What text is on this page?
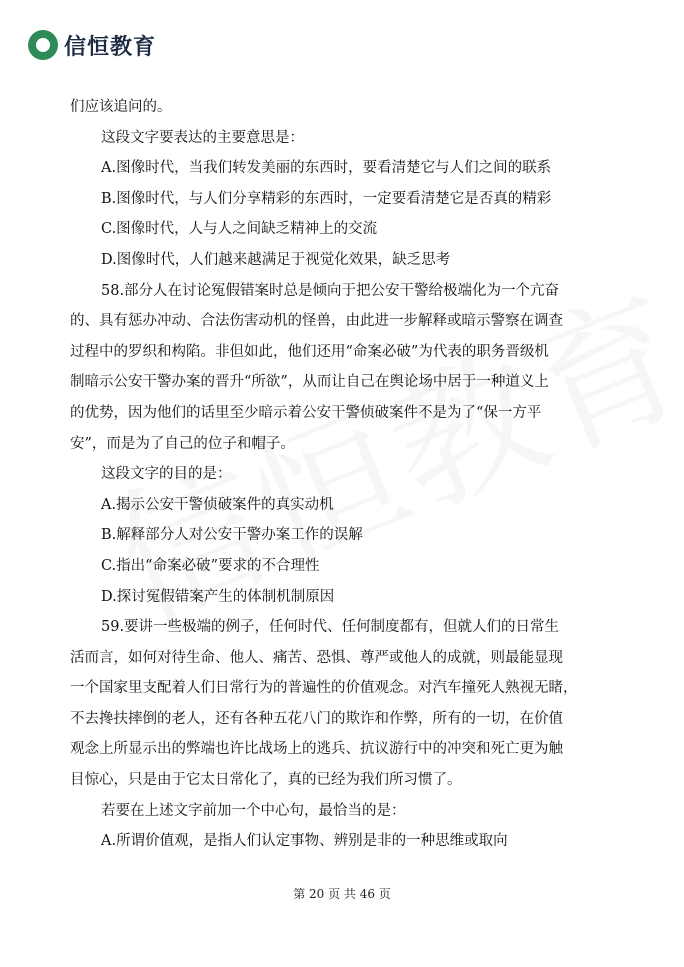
信恒教育
们应该追问的。
这段文字要表达的主要意思是：
A.图像时代，当我们转发美丽的东西时，要看清楚它与人们之间的联系
B.图像时代，与人们分享精彩的东西时，一定要看清楚它是否真的精彩
C.图像时代，人与人之间缺乏精神上的交流
D.图像时代，人们越来越满足于视觉化效果，缺乏思考
58.部分人在讨论冤假错案时总是倾向于把公安干警给极端化为一个亢奋
的、具有惩办冲动、合法伤害动机的怪兽，由此进一步解释或暗示警察在调查
过程中的罗织和构陷。非但如此，他们还用“命案必破”为代表的职务晋级机
制暗示公安干警办案的晋升“所欲”，从而让自己在舆论场中居于一种道义上
的优势，因为他们的话里至少暗示着公安干警侦破案件不是为了“保一方平
安”，而是为了自己的位子和帽子。
这段文字的目的是：
A.揭示公安干警侦破案件的真实动机
B.解释部分人对公安干警办案工作的误解
C.指出“命案必破”要求的不合理性
D.探讨冤假错案产生的体制机制原因
59.要讲一些极端的例子，任何时代、任何制度都有，但就人们的日常生
活而言，如何对待生命、他人、痛苦、恐惧、尊严或他人的成就，则最能显现
一个国家里支配着人们日常行为的普遍性的价值观念。对汽车撞死人熟视无睹，
不去搀扶摔倒的老人，还有各种五花八门的欺诈和作弊，所有的一切，在价值
观念上所显示出的弊端也许比战场上的逃兵、抗议游行中的冲突和死亡更为触
目惊心，只是由于它太日常化了，真的已经为我们所习惯了。
若要在上述文字前加一个中心句，最恰当的是：
A.所谓价值观，是指人们认定事物、辨别是非的一种思维或取向
第 20 页 共 46 页
